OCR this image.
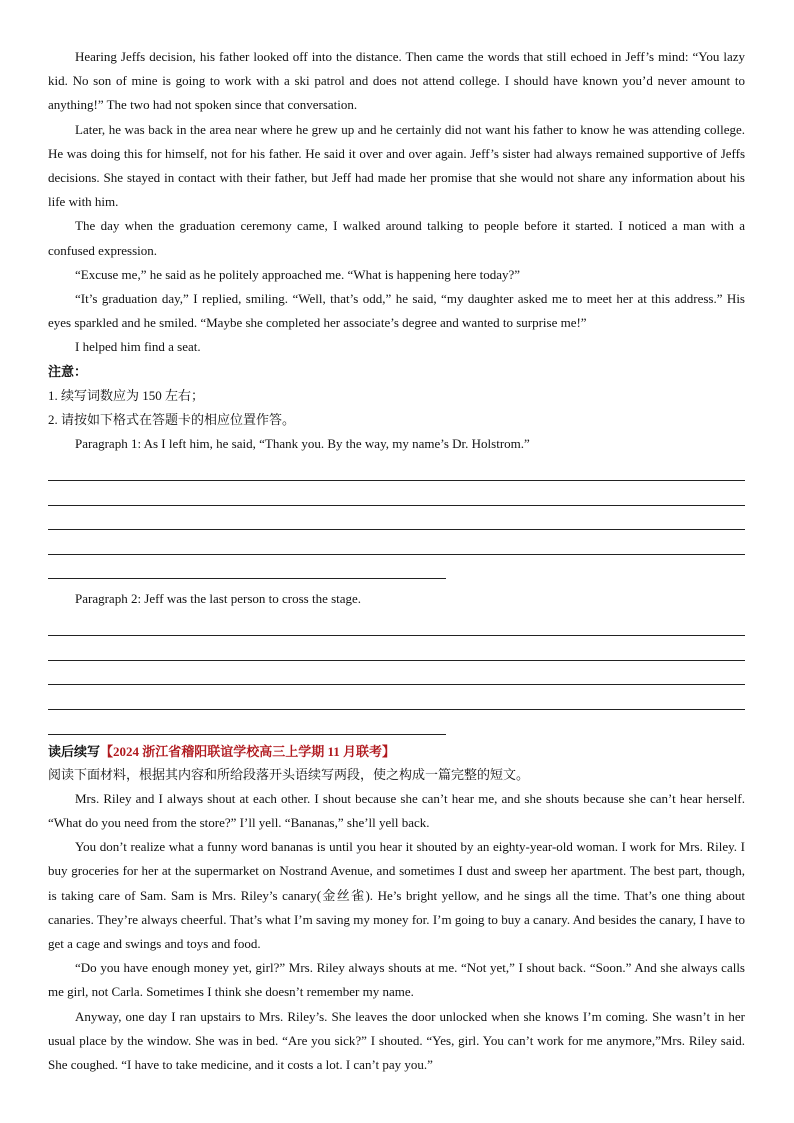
Hearing Jeffs decision, his father looked off into the distance. Then came the words that still echoed in Jeff’s mind: “You lazy kid. No son of mine is going to work with a ski patrol and does not attend college. I should have known you’d never amount to anything!” The two had not spoken since that conversation.

Later, he was back in the area near where he grew up and he certainly did not want his father to know he was attending college. He was doing this for himself, not for his father. He said it over and over again. Jeff’s sister had always remained supportive of Jeffs decisions. She stayed in contact with their father, but Jeff had made her promise that she would not share any information about his life with him.

The day when the graduation ceremony came, I walked around talking to people before it started. I noticed a man with a confused expression.

“Excuse me,” he said as he politely approached me. “What is happening here today?”

“It’s graduation day,” I replied, smiling. “Well, that’s odd,” he said, “my daughter asked me to meet her at this address.” His eyes sparkled and he smiled. “Maybe she completed her associate’s degree and wanted to surprise me!”

I helped him find a seat.

注意：

1. 续写词数应为 150 左右；

2. 请按如下格式在答题卡的相应位置作答。

Paragraph 1: As I left him, he said, “Thank you. By the way, my name’s Dr. Holstrom.”

Paragraph 2: Jeff was the last person to cross the stage.

读后续写【2024 浙江省稽阳联谊学校高三上学期 11 月联考】

阅读下面材料，根据其内容和所给段落开头语续写两段，使之构成一篇完整的短文。

Mrs. Riley and I always shout at each other. I shout because she can’t hear me, and she shouts because she can’t hear herself. “What do you need from the store?” I’ll yell. “Bananas,” she’ll yell back.

You don’t realize what a funny word bananas is until you hear it shouted by an eighty-year-old woman. I work for Mrs. Riley. I buy groceries for her at the supermarket on Nostrand Avenue, and sometimes I dust and sweep her apartment. The best part, though, is taking care of Sam. Sam is Mrs. Riley’s canary(金丝雀). He’s bright yellow, and he sings all the time. That’s one thing about canaries. They’re always cheerful. That’s what I’m saving my money for. I’m going to buy a canary. And besides the canary, I have to get a cage and swings and toys and food.

“Do you have enough money yet, girl?” Mrs. Riley always shouts at me. “Not yet,” I shout back. “Soon.” And she always calls me girl, not Carla. Sometimes I think she doesn’t remember my name.

Anyway, one day I ran upstairs to Mrs. Riley’s. She leaves the door unlocked when she knows I’m coming. She wasn’t in her usual place by the window. She was in bed. “Are you sick?” I shouted. “Yes, girl. You can’t work for me anymore,”Mrs. Riley said. She coughed. “I have to take medicine, and it costs a lot. I can’t pay you.”
